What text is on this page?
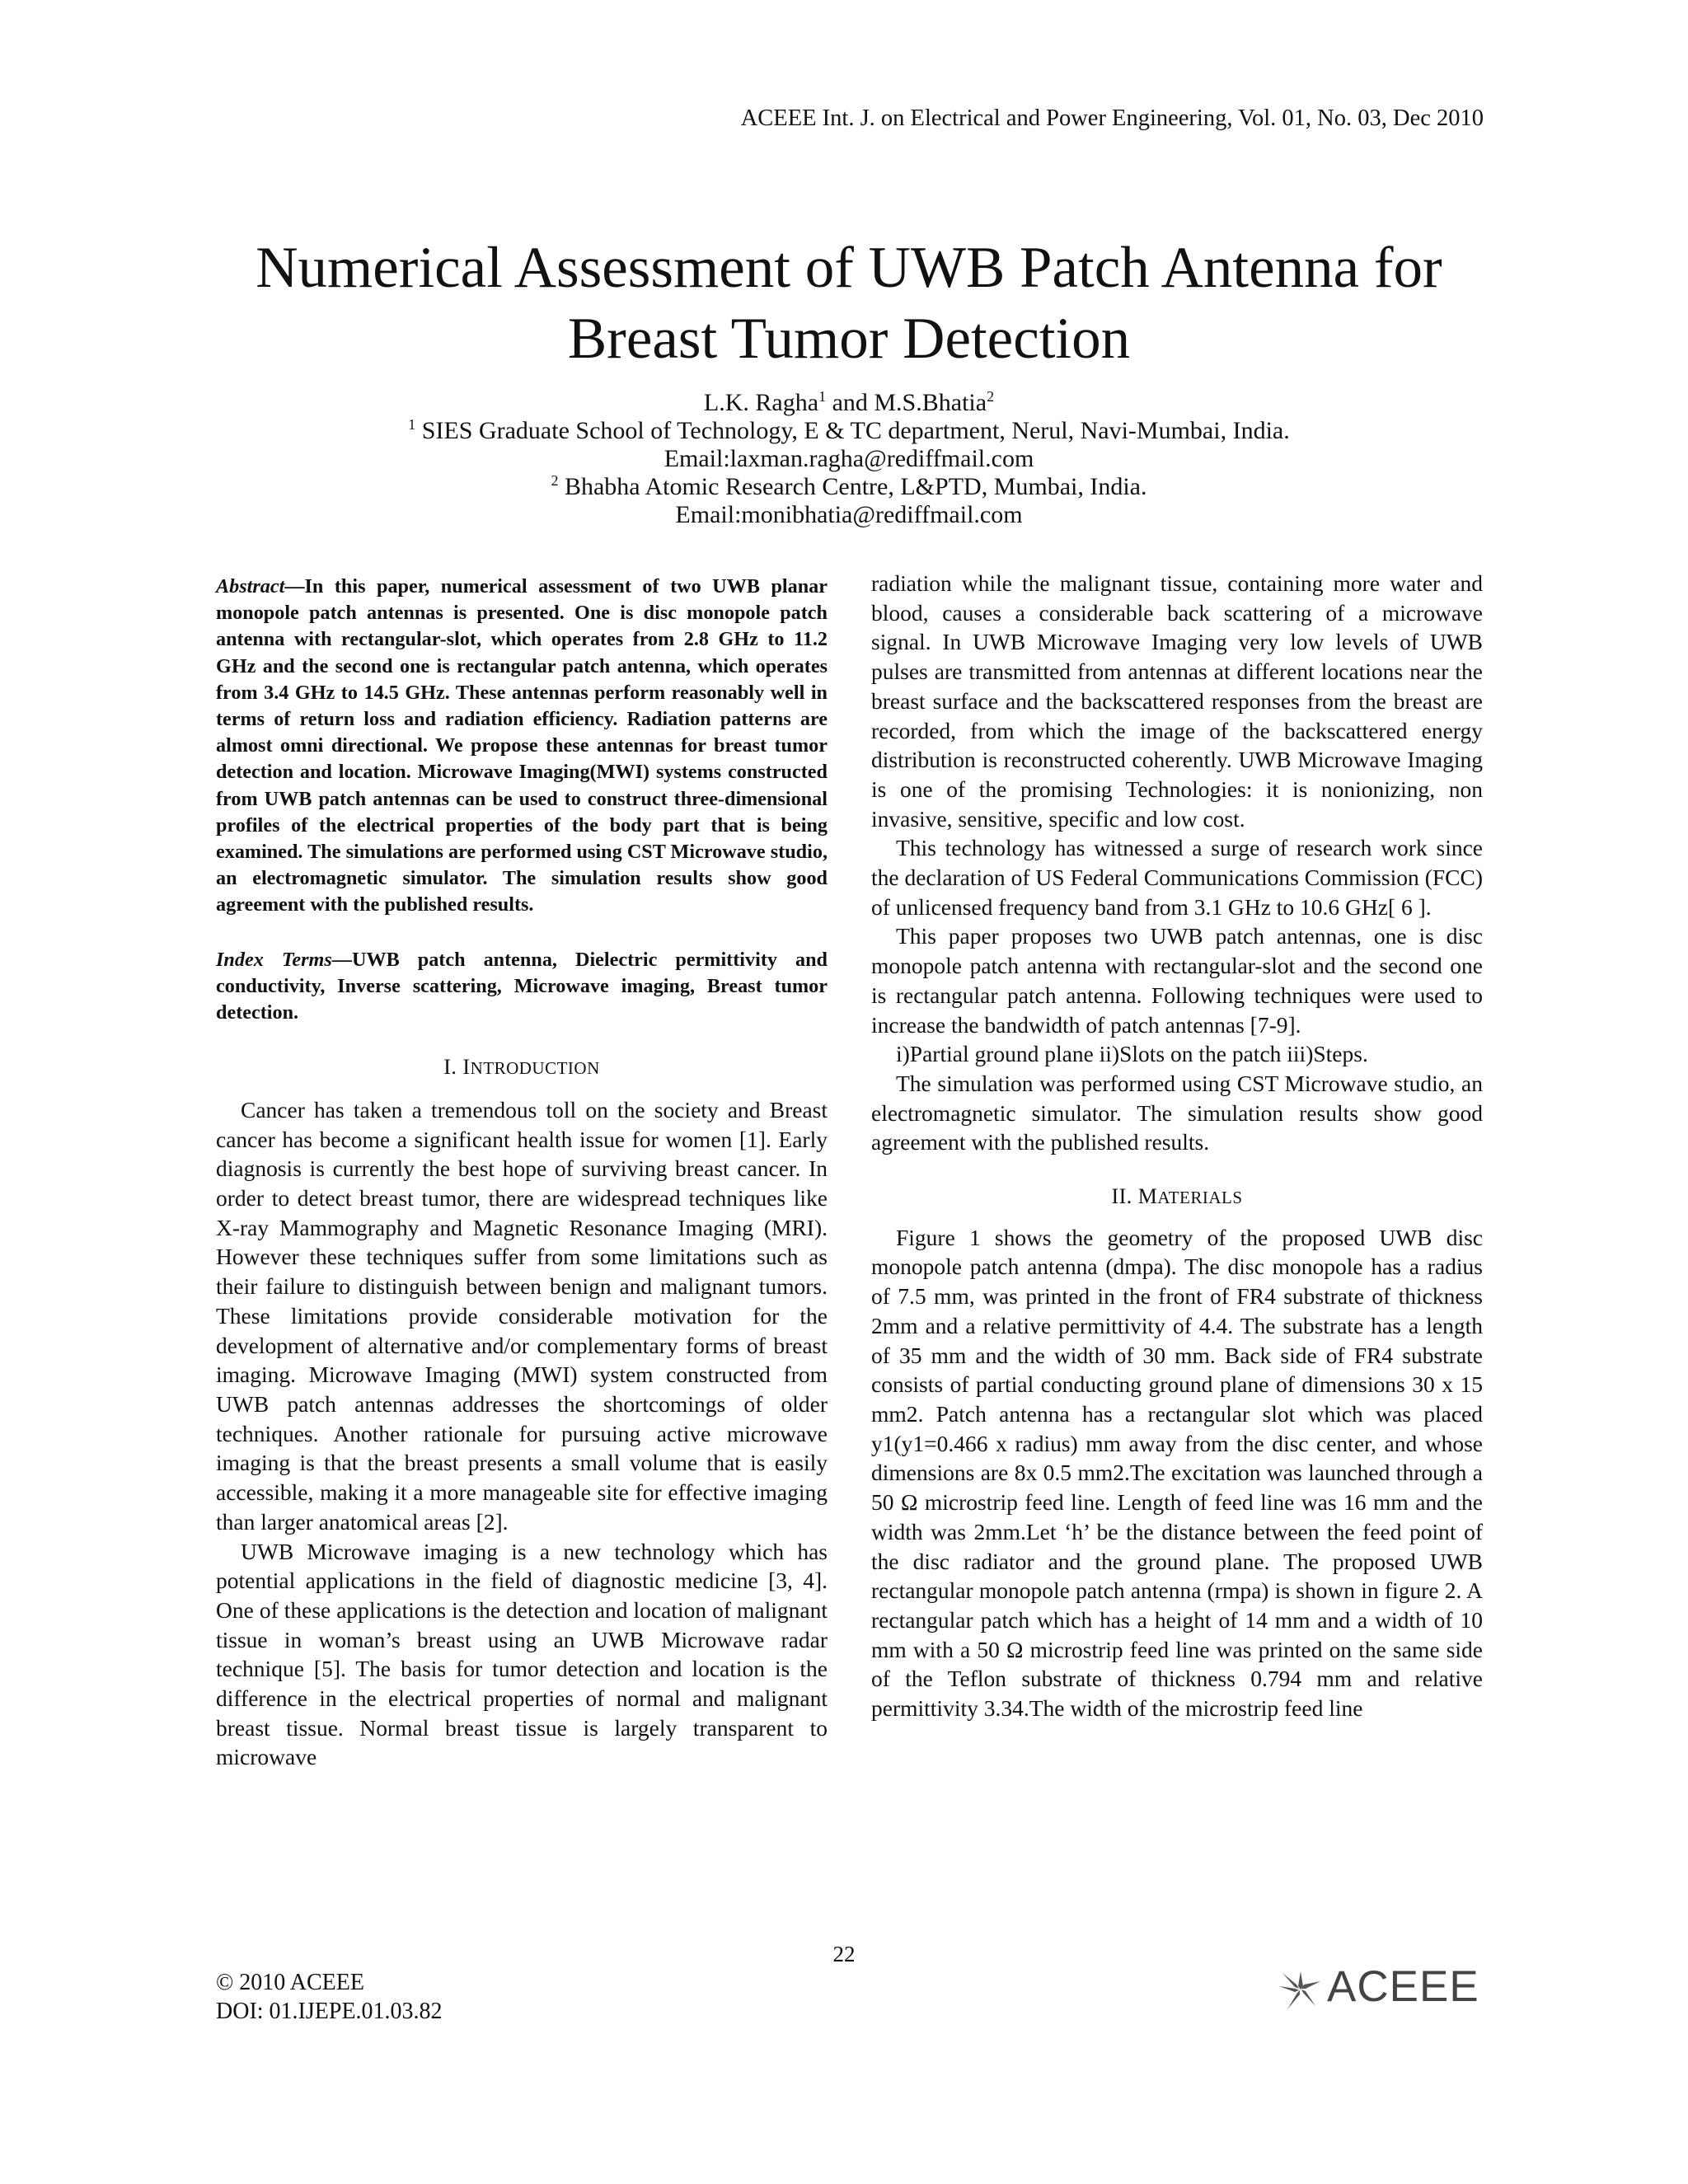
ACEEE Int. J. on Electrical and Power Engineering, Vol. 01, No. 03, Dec 2010
Numerical Assessment of UWB Patch Antenna for
Breast Tumor Detection
L.K. Ragha$^1$ and M.S.Bhatia$^2$
$^1$ SIES Graduate School of Technology, E & TC department, Nerul, Navi-Mumbai, India.
Email:laxman.ragha@rediffmail.com
$^2$ Bhabha Atomic Research Centre, L&PTD, Mumbai, India.
Email:monibhatia@rediffmail.com

Abstract—In this paper, numerical assessment of two UWB planar monopole patch antennas is presented. One is disc monopole patch antenna with rectangular-slot, which operates from 2.8 GHz to 11.2 GHz and the second one is rectangular patch antenna, which operates from 3.4 GHz to 14.5 GHz. These antennas perform reasonably well in terms of return loss and radiation efficiency. Radiation patterns are almost omni directional. We propose these antennas for breast tumor detection and location. Microwave Imaging(MWI) systems constructed from UWB patch antennas can be used to construct three-dimensional profiles of the electrical properties of the body part that is being examined. The simulations are performed using CST Microwave studio, an electromagnetic simulator. The simulation results show good agreement with the published results.

Index Terms—UWB patch antenna, Dielectric permittivity and conductivity, Inverse scattering, Microwave imaging, Breast tumor detection.

I. INTRODUCTION

Cancer has taken a tremendous toll on the society and Breast cancer has become a significant health issue for women [1]. Early diagnosis is currently the best hope of surviving breast cancer. In order to detect breast tumor, there are widespread techniques like X-ray Mammography and Magnetic Resonance Imaging (MRI). However these techniques suffer from some limitations such as their failure to distinguish between benign and malignant tumors. These limitations provide considerable motivation for the development of alternative and/or complementary forms of breast imaging. Microwave Imaging (MWI) system constructed from UWB patch antennas addresses the shortcomings of older techniques. Another rationale for pursuing active microwave imaging is that the breast presents a small volume that is easily accessible, making it a more manageable site for effective imaging than larger anatomical areas [2].

UWB Microwave imaging is a new technology which has potential applications in the field of diagnostic medicine [3, 4]. One of these applications is the detection and location of malignant tissue in woman’s breast using an UWB Microwave radar technique [5]. The basis for tumor detection and location is the difference in the electrical properties of normal and malignant breast tissue. Normal breast tissue is largely transparent to microwave

radiation while the malignant tissue, containing more water and blood, causes a considerable back scattering of a microwave signal. In UWB Microwave Imaging very low levels of UWB pulses are transmitted from antennas at different locations near the breast surface and the backscattered responses from the breast are recorded, from which the image of the backscattered energy distribution is reconstructed coherently. UWB Microwave Imaging is one of the promising Technologies: it is nonionizing, non invasive, sensitive, specific and low cost.

This technology has witnessed a surge of research work since the declaration of US Federal Communications Commission (FCC) of unlicensed frequency band from 3.1 GHz to 10.6 GHz[ 6 ].

This paper proposes two UWB patch antennas, one is disc monopole patch antenna with rectangular-slot and the second one is rectangular patch antenna. Following techniques were used to increase the bandwidth of patch antennas [7-9].

i)Partial ground plane ii)Slots on the patch iii)Steps.

The simulation was performed using CST Microwave studio, an electromagnetic simulator. The simulation results show good agreement with the published results.

II. MATERIALS

Figure 1 shows the geometry of the proposed UWB disc monopole patch antenna (dmpa). The disc monopole has a radius of 7.5 mm, was printed in the front of FR4 substrate of thickness 2mm and a relative permittivity of 4.4. The substrate has a length of 35 mm and the width of 30 mm. Back side of FR4 substrate consists of partial conducting ground plane of dimensions 30 x 15 mm2. Patch antenna has a rectangular slot which was placed y1(y1=0.466 x radius) mm away from the disc center, and whose dimensions are 8x 0.5 mm2.The excitation was launched through a 50 Ω microstrip feed line. Length of feed line was 16 mm and the width was 2mm.Let ‘h’ be the distance between the feed point of the disc radiator and the ground plane. The proposed UWB rectangular monopole patch antenna (rmpa) is shown in figure 2. A rectangular patch which has a height of 14 mm and a width of 10 mm with a 50 Ω microstrip feed line was printed on the same side of the Teflon substrate of thickness 0.794 mm and relative permittivity 3.34.The width of the microstrip feed line

22
© 2010 ACEEE
DOI: 01.IJEPE.01.03.82
ACEEE
